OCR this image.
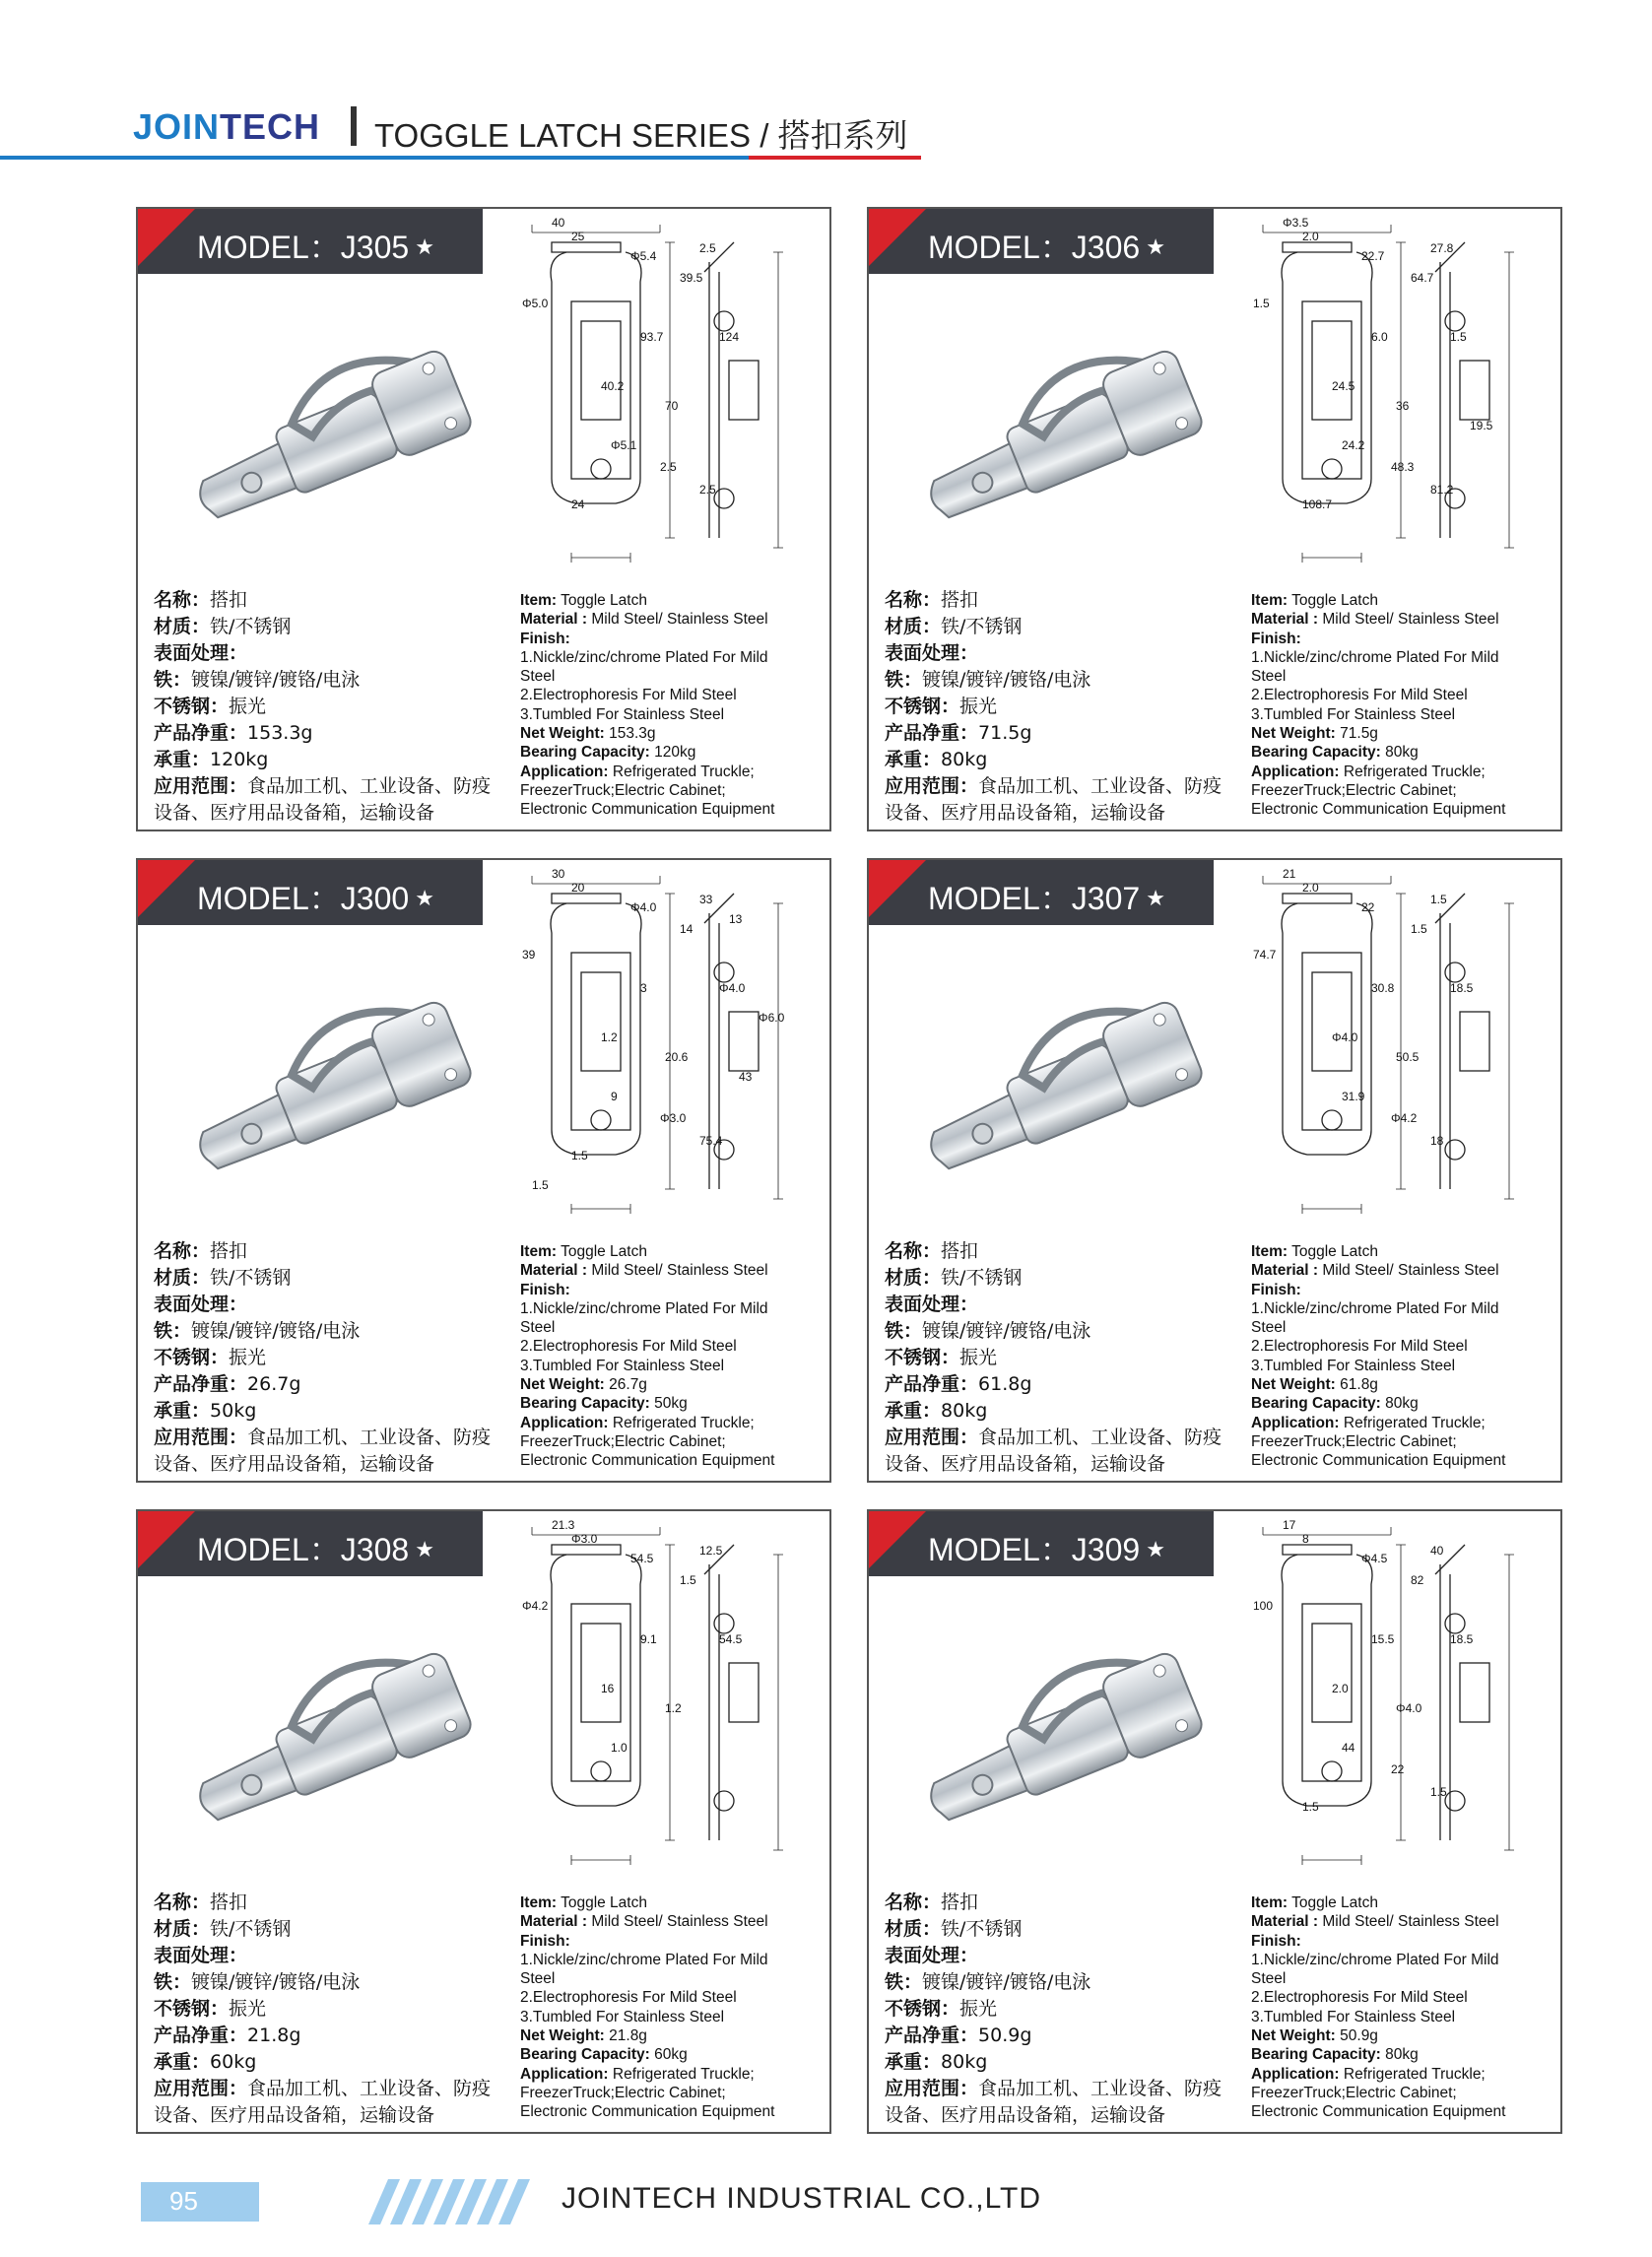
JOINTECH TOGGLE LATCH SERIES / 搭扣系列
MODEL：J305 ★
40
25
Φ5.4
Φ5.0
2.5
39.5
93.7	124
40.2
70
Φ5.1
2.5
2.5
24
名称：搭扣
材质：铁/不锈钢
表面处理：
铁：镀镍/镀锌/镀铬/电泳
不锈钢：振光
产品净重：153.3g
承重：120kg
应用范围：食品加工机、工业设备、防疫
设备、医疗用品设备箱，运输设备
Item: Toggle Latch
Material : Mild Steel/ Stainless Steel
Finish:
1.Nickle/zinc/chrome Plated For Mild
Steel
2.Electrophoresis For Mild Steel
3.Tumbled For Stainless Steel
Net Weight: 153.3g
Bearing Capacity: 120kg
Application: Refrigerated Truckle;
FreezerTruck;Electric Cabinet;
Electronic Communication Equipment
MODEL：J306 ★
Φ3.5
2.0
22.7
1.5
27.8
64.7
6.0	1.5
24.5
36
24.2
48.3
81.2
108.7
19.5
名称：搭扣
材质：铁/不锈钢
表面处理：
铁：镀镍/镀锌/镀铬/电泳
不锈钢：振光
产品净重：71.5g
承重：80kg
应用范围：食品加工机、工业设备、防疫
设备、医疗用品设备箱，运输设备
Item: Toggle Latch
Material : Mild Steel/ Stainless Steel
Finish:
1.Nickle/zinc/chrome Plated For Mild
Steel
2.Electrophoresis For Mild Steel
3.Tumbled For Stainless Steel
Net Weight: 71.5g
Bearing Capacity: 80kg
Application: Refrigerated Truckle;
FreezerTruck;Electric Cabinet;
Electronic Communication Equipment
MODEL：J300 ★
30
20
Φ4.0
39
33
14
3	Φ4.0
1.2
20.6
9
Φ3.0
75.4
1.5
43
1.5
Φ6.0
13
名称：搭扣
材质：铁/不锈钢
表面处理：
铁：镀镍/镀锌/镀铬/电泳
不锈钢：振光
产品净重：26.7g
承重：50kg
应用范围：食品加工机、工业设备、防疫
设备、医疗用品设备箱，运输设备
Item: Toggle Latch
Material : Mild Steel/ Stainless Steel
Finish:
1.Nickle/zinc/chrome Plated For Mild
Steel
2.Electrophoresis For Mild Steel
3.Tumbled For Stainless Steel
Net Weight: 26.7g
Bearing Capacity: 50kg
Application: Refrigerated Truckle;
FreezerTruck;Electric Cabinet;
Electronic Communication Equipment
MODEL：J307 ★
21
2.0
22
74.7
1.5
1.5
30.8	18.5
Φ4.0
50.5
31.9
Φ4.2
18
名称：搭扣
材质：铁/不锈钢
表面处理：
铁：镀镍/镀锌/镀铬/电泳
不锈钢：振光
产品净重：61.8g
承重：80kg
应用范围：食品加工机、工业设备、防疫
设备、医疗用品设备箱，运输设备
Item: Toggle Latch
Material : Mild Steel/ Stainless Steel
Finish:
1.Nickle/zinc/chrome Plated For Mild
Steel
2.Electrophoresis For Mild Steel
3.Tumbled For Stainless Steel
Net Weight: 61.8g
Bearing Capacity: 80kg
Application: Refrigerated Truckle;
FreezerTruck;Electric Cabinet;
Electronic Communication Equipment
MODEL：J308 ★
21.3
Φ3.0
54.5
Φ4.2
12.5
1.5
9.1	54.5
16
1.2
1.0
名称：搭扣
材质：铁/不锈钢
表面处理：
铁：镀镍/镀锌/镀铬/电泳
不锈钢：振光
产品净重：21.8g
承重：60kg
应用范围：食品加工机、工业设备、防疫
设备、医疗用品设备箱，运输设备
Item: Toggle Latch
Material : Mild Steel/ Stainless Steel
Finish:
1.Nickle/zinc/chrome Plated For Mild
Steel
2.Electrophoresis For Mild Steel
3.Tumbled For Stainless Steel
Net Weight: 21.8g
Bearing Capacity: 60kg
Application: Refrigerated Truckle;
FreezerTruck;Electric Cabinet;
Electronic Communication Equipment
MODEL：J309 ★
17
8
Φ4.5
100
40
82
15.5	18.5
2.0
Φ4.0
44
22
1.5
1.5
名称：搭扣
材质：铁/不锈钢
表面处理：
铁：镀镍/镀锌/镀铬/电泳
不锈钢：振光
产品净重：50.9g
承重：80kg
应用范围：食品加工机、工业设备、防疫
设备、医疗用品设备箱，运输设备
Item: Toggle Latch
Material : Mild Steel/ Stainless Steel
Finish:
1.Nickle/zinc/chrome Plated For Mild
Steel
2.Electrophoresis For Mild Steel
3.Tumbled For Stainless Steel
Net Weight: 50.9g
Bearing Capacity: 80kg
Application: Refrigerated Truckle;
FreezerTruck;Electric Cabinet;
Electronic Communication Equipment
95	JOINTECH INDUSTRIAL CO.,LTD
